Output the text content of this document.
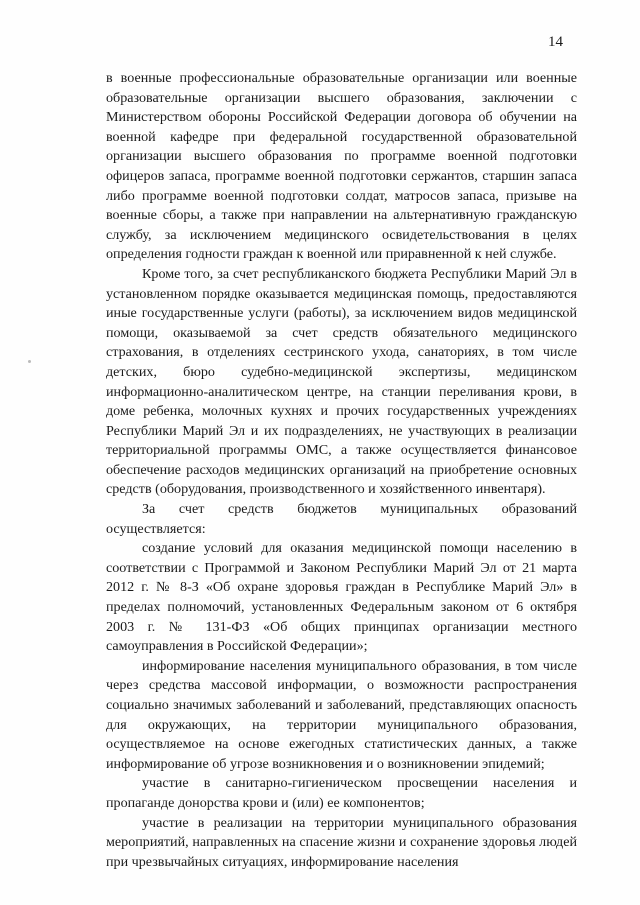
14

в военные профессиональные образовательные организации или военные образовательные организации высшего образования, заключении с Министерством обороны Российской Федерации договора об обучении на военной кафедре при федеральной государственной образовательной организации высшего образования по программе военной подготовки офицеров запаса, программе военной подготовки сержантов, старшин запаса либо программе военной подготовки солдат, матросов запаса, призыве на военные сборы, а также при направлении на альтернативную гражданскую службу, за исключением медицинского освидетельствования в целях определения годности граждан к военной или приравненной к ней службе.

Кроме того, за счет республиканского бюджета Республики Марий Эл в установленном порядке оказывается медицинская помощь, предоставляются иные государственные услуги (работы), за исключением видов медицинской помощи, оказываемой за счет средств обязательного медицинского страхования, в отделениях сестринского ухода, санаториях, в том числе детских, бюро судебно-медицинской экспертизы, медицинском информационно-аналитическом центре, на станции переливания крови, в доме ребенка, молочных кухнях и прочих государственных учреждениях Республики Марий Эл и их подразделениях, не участвующих в реализации территориальной программы ОМС, а также осуществляется финансовое обеспечение расходов медицинских организаций на приобретение основных средств (оборудования, производственного и хозяйственного инвентаря).

За счет средств бюджетов муниципальных образований осуществляется:

создание условий для оказания медицинской помощи населению в соответствии с Программой и Законом Республики Марий Эл от 21 марта 2012 г. № 8-З «Об охране здоровья граждан в Республике Марий Эл» в пределах полномочий, установленных Федеральным законом от 6 октября 2003 г. № 131-ФЗ «Об общих принципах организации местного самоуправления в Российской Федерации»;

информирование населения муниципального образования, в том числе через средства массовой информации, о возможности распространения социально значимых заболеваний и заболеваний, представляющих опасность для окружающих, на территории муниципального образования, осуществляемое на основе ежегодных статистических данных, а также информирование об угрозе возникновения и о возникновении эпидемий;

участие в санитарно-гигиеническом просвещении населения и пропаганде донорства крови и (или) ее компонентов;

участие в реализации на территории муниципального образования мероприятий, направленных на спасение жизни и сохранение здоровья людей при чрезвычайных ситуациях, информирование населения
